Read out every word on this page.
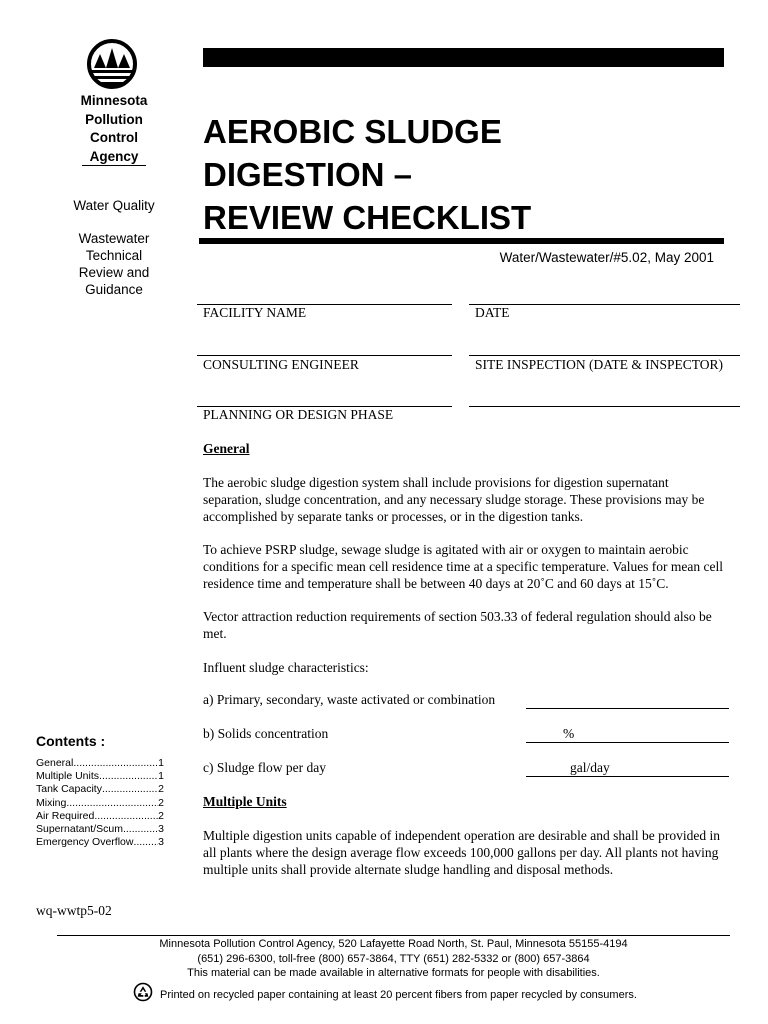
Minnesota
Pollution
Control
Agency
Water Quality
Wastewater
Technical
Review and
Guidance
Contents :
General .....	1
Multiple Units .....	1
Tank Capacity .....	2
Mixing .....	2
Air Required .....	2
Supernatant/Scum .....	3
Emergency Overflow ..... 3
wq-wwtp5-02
AEROBIC SLUDGE
DIGESTION –
REVIEW CHECKLIST
Water/Wastewater/#5.02, May 2001
FACILITY NAME	DATE
CONSULTING ENGINEER	SITE INSPECTION (DATE & INSPECTOR)
PLANNING OR DESIGN PHASE
General
The aerobic sludge digestion system shall include provisions for digestion supernatant separation, sludge concentration, and any necessary sludge storage. These provisions may be accomplished by separate tanks or processes, or in the digestion tanks.
To achieve PSRP sludge, sewage sludge is agitated with air or oxygen to maintain aerobic conditions for a specific mean cell residence time at a specific temperature. Values for mean cell residence time and temperature shall be between 40 days at 20˚C and 60 days at 15˚C.
Vector attraction reduction requirements of section 503.33 of federal regulation should also be met.
Influent sludge characteristics:
a) Primary, secondary, waste activated or combination
b) Solids concentration	%
c) Sludge flow per day	gal/day
Multiple Units
Multiple digestion units capable of independent operation are desirable and shall be provided in all plants where the design average flow exceeds 100,000 gallons per day. All plants not having multiple units shall provide alternate sludge handling and disposal methods.
Minnesota Pollution Control Agency, 520 Lafayette Road North, St. Paul, Minnesota 55155-4194
(651) 296-6300, toll-free (800) 657-3864, TTY (651) 282-5332 or (800) 657-3864
This material can be made available in alternative formats for people with disabilities.
Printed on recycled paper containing at least 20 percent fibers from paper recycled by consumers.
